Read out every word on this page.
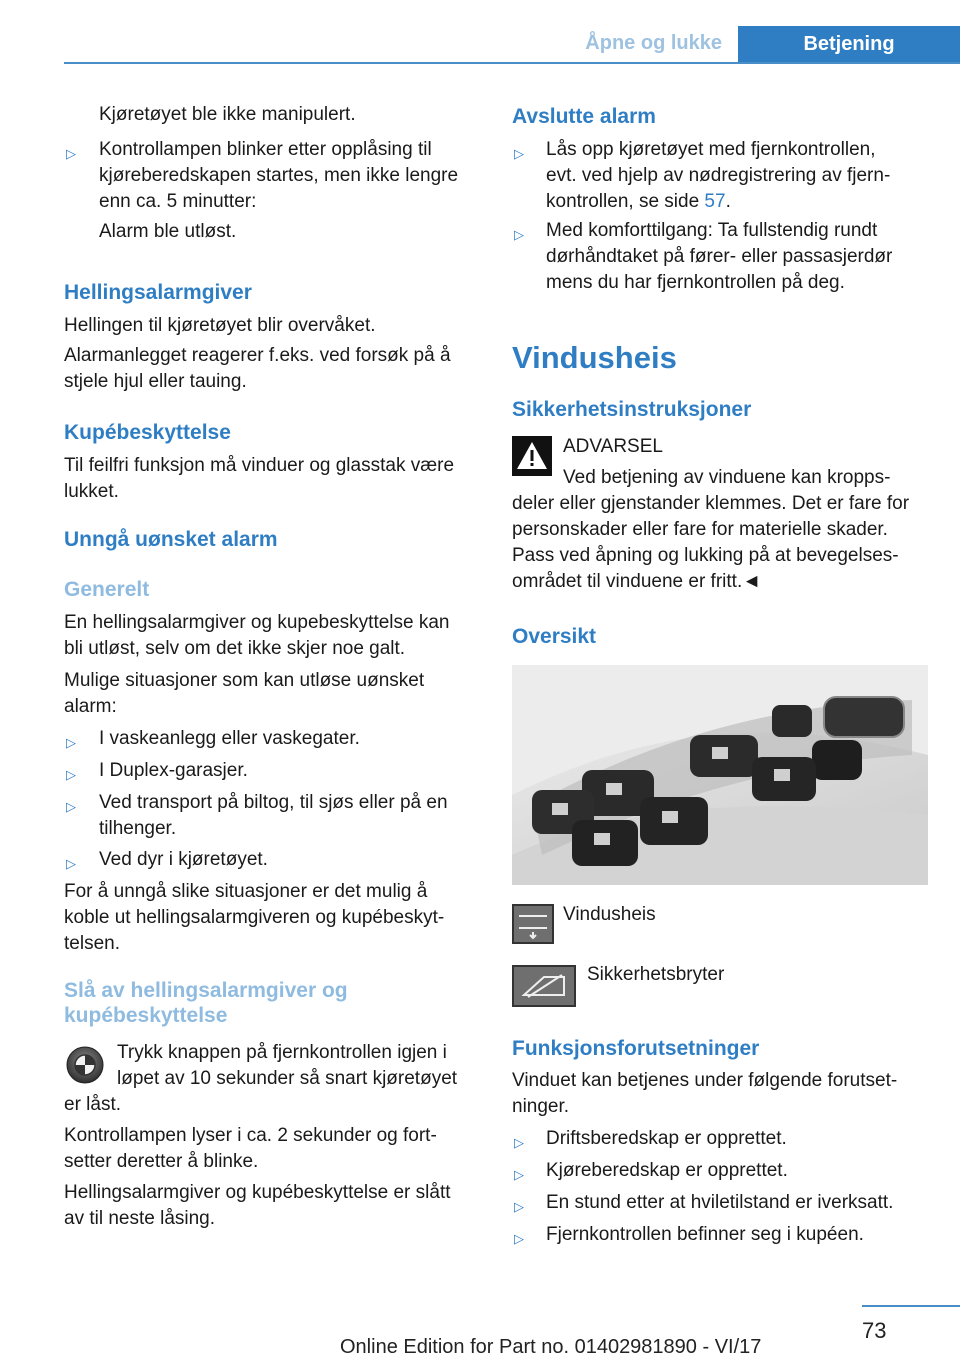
Åpne og lukke	Betjening

Kjøretøyet ble ikke manipulert.

▷ Kontrollampen blinker etter opplåsing til

kjøreberedskapen startes, men ikke lengre

enn ca. 5 minutter:

Alarm ble utløst.

Hellingsalarmgiver

Hellingen til kjøretøyet blir overvåket.

Alarmanlegget reagerer f.eks. ved forsøk på å

stjele hjul eller tauing.

Kupébeskyttelse

Til feilfri funksjon må vinduer og glasstak være

lukket.

Unngå uønsket alarm
Generelt

En hellingsalarmgiver og kupebeskyttelse kan

bli utløst, selv om det ikke skjer noe galt.

Mulige situasjoner som kan utløse uønsket

alarm:

▷ I vaskeanlegg eller vaskegater.

▷ I Duplex-garasjer.

▷ Ved transport på biltog, til sjøs eller på en

tilhenger.

▷ Ved dyr i kjøretøyet.

For å unngå slike situasjoner er det mulig å

koble ut hellingsalarmgiveren og kupébeskyt‐

telsen.

Slå av hellingsalarmgiver og
kupébeskyttelse

Trykk knappen på fjernkontrollen igjen i

løpet av 10 sekunder så snart kjøretøyet

er låst.

Kontrollampen lyser i ca. 2 sekunder og fort‐

setter deretter å blinke.

Hellingsalarmgiver og kupébeskyttelse er slått

av til neste låsing.

Avslutte alarm
▷ Lås opp kjøretøyet med fjernkontrollen,

evt. ved hjelp av nødregistrering av fjern‐

kontrollen, se side 57.

▷ Med komforttilgang: Ta fullstendig rundt

dørhåndtaket på fører- eller passasjerdør

mens du har fjernkontrollen på deg.

Vindusheis
Sikkerhetsinstruksjoner

ADVARSEL

Ved betjening av vinduene kan kropps‐

deler eller gjenstander klemmes. Det er fare for

personskader eller fare for materielle skader.

Pass ved åpning og lukking på at bevegelses‐

området til vinduene er fritt.◄

Oversikt

Vindusheis

Sikkerhetsbryter

Funksjonsforutsetninger

Vinduet kan betjenes under følgende forutset‐

ninger.

▷ Driftsberedskap er opprettet.

▷ Kjøreberedskap er opprettet.

▷ En stund etter at hviletilstand er iverksatt.

▷ Fjernkontrollen befinner seg i kupéen.

73
Online Edition for Part no. 01402981890 - VI/17
